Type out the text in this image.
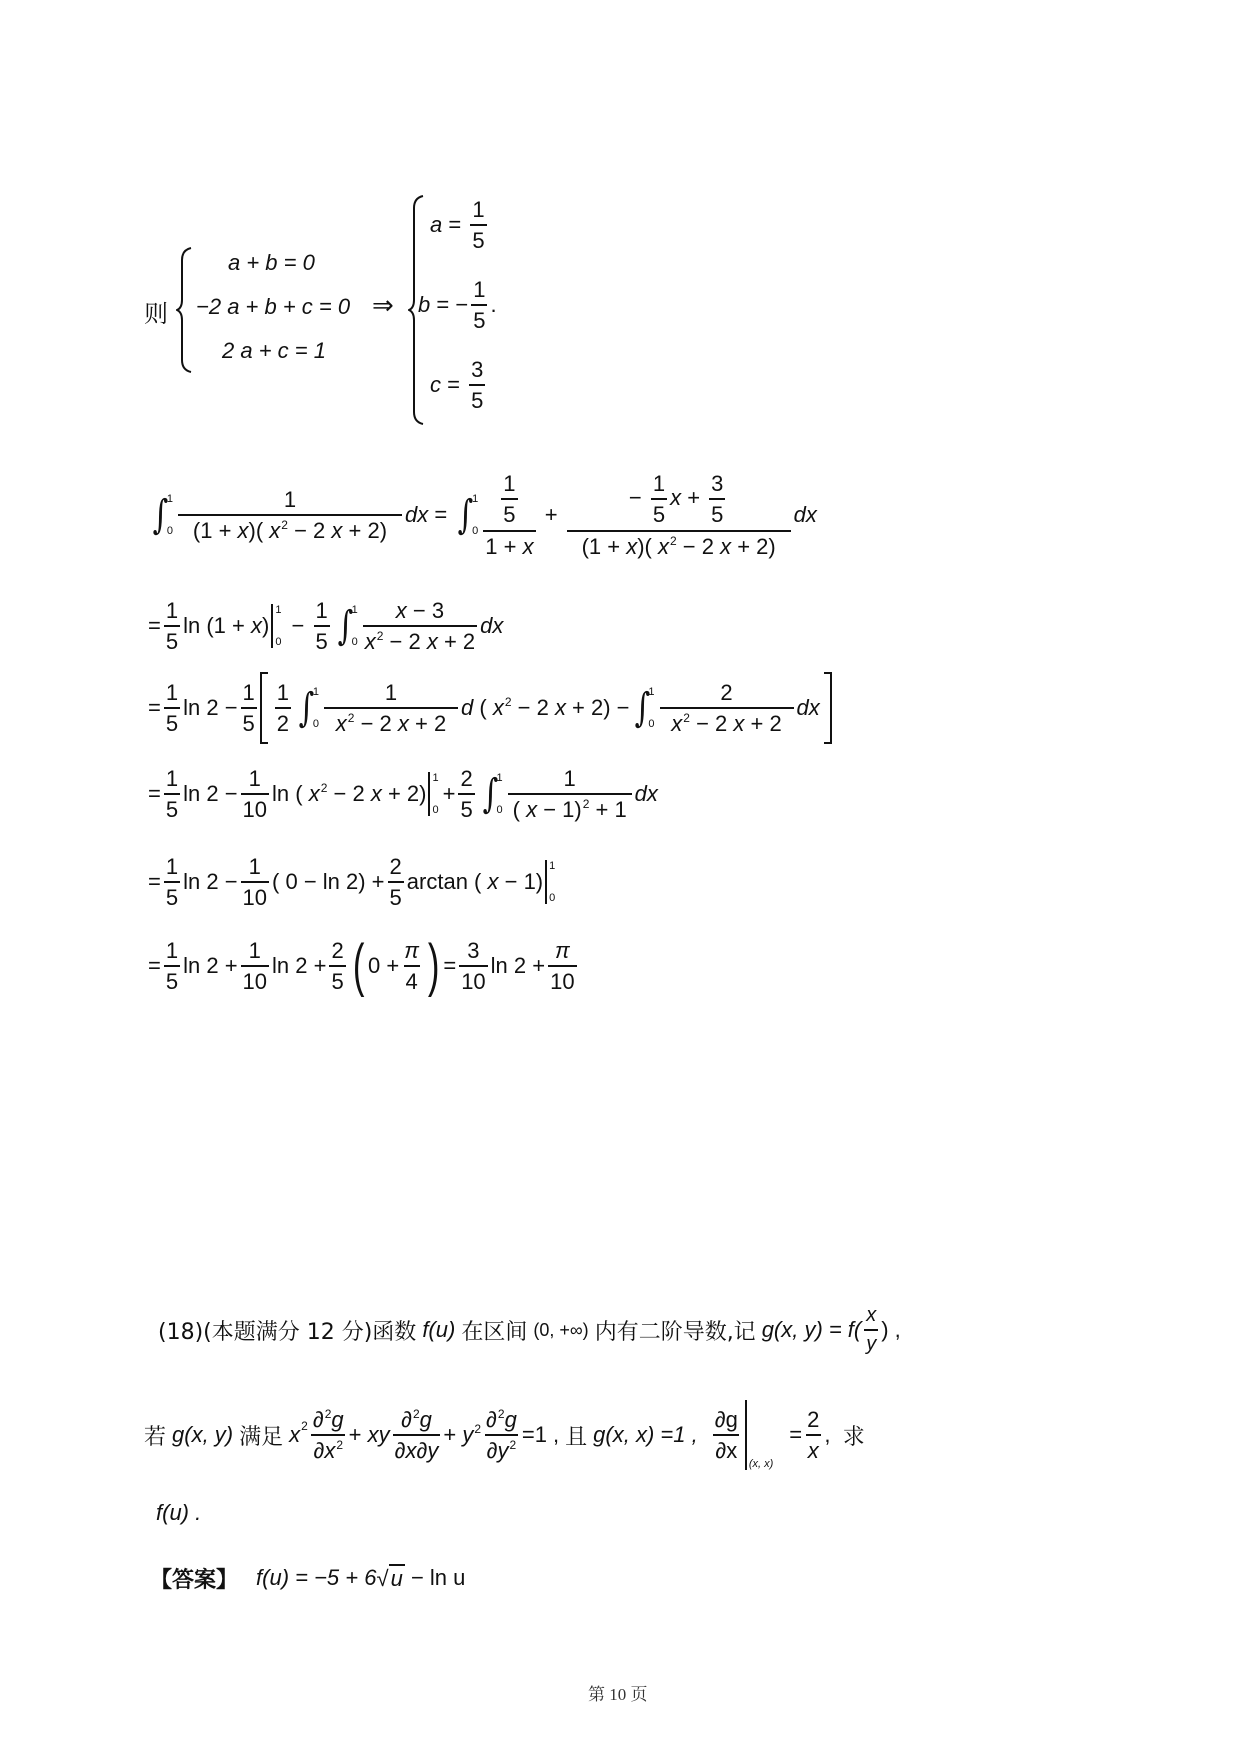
则
a + b = 0
−2 a + b + c = 0
2 a + c = 1
⇒
$a = \frac{1}{5}$
b = − $\frac{1}{5}$ .
$c = \frac{3}{5}$
∫
1
$0 \frac{1}{(1 + x)( x^2 - 2 x + 2)}$ dx = ∫
1
$0 \frac{\frac{1}{5}}{1 + x} + \frac{- \frac{1}{5} x + \frac{3}{5}}{(1 + x)( x^2 - 2 x + 2)}$ dx
= $\frac{1}{5}$ ln (1 + x)
1
0
− $\frac{1}{5}$ ∫
1
$0 \frac{x - 3}{x^2 - 2 x + 2}$ dx
= $\frac{1}{5}$ $\ln 2 - \frac{1}{5} \frac{1}{2}$ ∫
1
$0 \frac{1}{x^2 - 2 x + 2}$ d ( $x^2 - 2$ x + 2) − ∫
1
$0 \frac{2}{x^2 - 2 x + 2}$ dx
= $\frac{1}{5}$ $\ln 2 - \frac{1}{10}$ ln ( $x^2 - 2$ x + 2)
1
0
+ $\frac{2}{5}$ ∫
1
$0 \frac{1}{( x - 1)^2 + 1}$ dx
= $\frac{1}{5}$ $\ln 2 - \frac{1}{10}$ ( $0 - \ln 2) + \frac{2}{5}$ arctan ( x − 1)
1
0
= $\frac{1}{5}$ $\ln 2 + \frac{1}{10}$ $\ln 2 + \frac{2}{5}$ ( $0 + \frac{\pi}{4}$ ) = $\frac{3}{10}$ $\ln 2 + \frac{\pi}{10}$
(18)(本题满分 12 分)函数 f(u) 在区间 (0, +∞) 内有二阶导数,记 g(x, $y) = f( \frac{x}{y}$ )
,
若 g(x, y) 满足 x $2 \frac{\partial^2g}{\partial x^2}$ + xy $\frac{\partial^2g}{\partial x\partial y} + y^2 \frac{\partial^2g}{\partial y^2} =1$ , 且 g(x, x) =1 , $\frac{\partial g}{\partial x}$
(x, x)
= $\frac{2}{x}$ , 求
f(u) .
【答案】 f(u) = −5 + 6 √ u
− ln u
第 10 页
